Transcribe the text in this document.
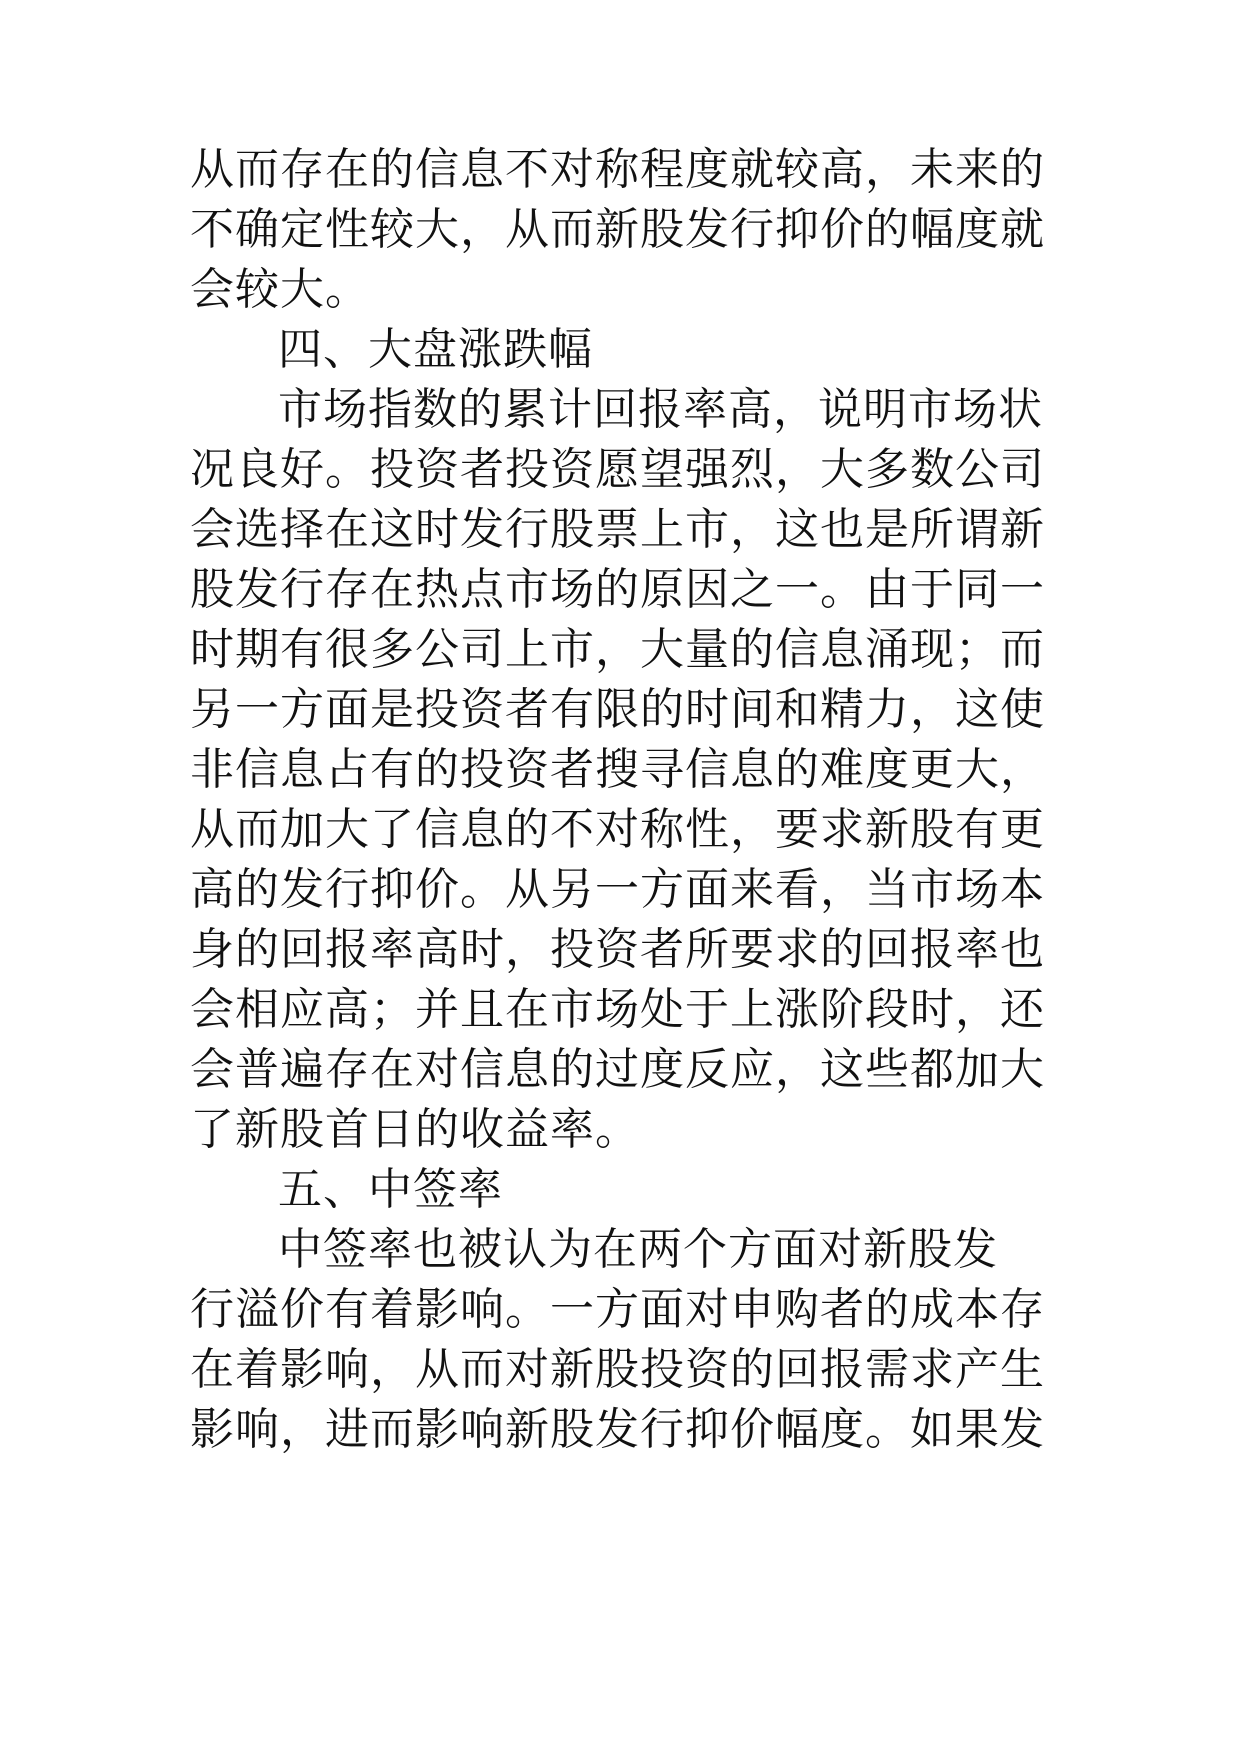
从而存在的信息不对称程度就较高，未来的
不确定性较大，从而新股发行抑价的幅度就
会较大。
四、大盘涨跌幅
市场指数的累计回报率高，说明市场状
况良好。投资者投资愿望强烈，大多数公司
会选择在这时发行股票上市，这也是所谓新
股发行存在热点市场的原因之一。由于同一
时期有很多公司上市，大量的信息涌现；而
另一方面是投资者有限的时间和精力，这使
非信息占有的投资者搜寻信息的难度更大，
从而加大了信息的不对称性，要求新股有更
高的发行抑价。从另一方面来看，当市场本
身的回报率高时，投资者所要求的回报率也
会相应高；并且在市场处于上涨阶段时，还
会普遍存在对信息的过度反应，这些都加大
了新股首日的收益率。
五、中签率
中签率也被认为在两个方面对新股发
行溢价有着影响。一方面对申购者的成本存
在着影响，从而对新股投资的回报需求产生
影响，进而影响新股发行抑价幅度。如果发
